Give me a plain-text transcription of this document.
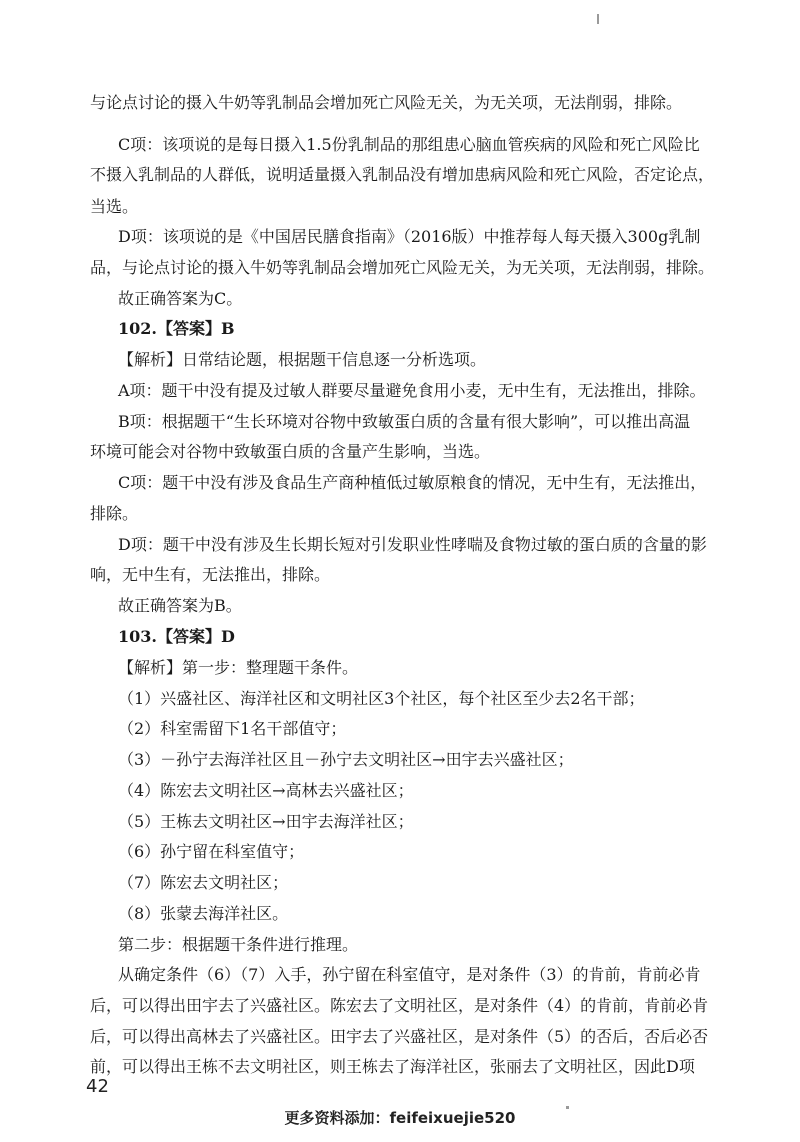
与论点讨论的摄入牛奶等乳制品会增加死亡风险无关，为无关项，无法削弱，排除。
C项：该项说的是每日摄入1.5份乳制品的那组患心脑血管疾病的风险和死亡风险比
不摄入乳制品的人群低，说明适量摄入乳制品没有增加患病风险和死亡风险，否定论点，
当选。
D项：该项说的是《中国居民膳食指南》（2016版）中推荐每人每天摄入300g乳制
品，与论点讨论的摄入牛奶等乳制品会增加死亡风险无关，为无关项，无法削弱，排除。
故正确答案为C。
102.【答案】B
【解析】日常结论题，根据题干信息逐一分析选项。
A项：题干中没有提及过敏人群要尽量避免食用小麦，无中生有，无法推出，排除。
B项：根据题干“生长环境对谷物中致敏蛋白质的含量有很大影响”，可以推出高温
环境可能会对谷物中致敏蛋白质的含量产生影响，当选。
C项：题干中没有涉及食品生产商种植低过敏原粮食的情况，无中生有，无法推出，
排除。
D项：题干中没有涉及生长期长短对引发职业性哮喘及食物过敏的蛋白质的含量的影
响，无中生有，无法推出，排除。
故正确答案为B。
103.【答案】D
【解析】第一步：整理题干条件。
（1）兴盛社区、海洋社区和文明社区3个社区，每个社区至少去2名干部；
（2）科室需留下1名干部值守；
（3）－孙宁去海洋社区且－孙宁去文明社区→田宇去兴盛社区；
（4）陈宏去文明社区→高林去兴盛社区；
（5）王栋去文明社区→田宇去海洋社区；
（6）孙宁留在科室值守；
（7）陈宏去文明社区；
（8）张蒙去海洋社区。
第二步：根据题干条件进行推理。
从确定条件（6）（7）入手，孙宁留在科室值守，是对条件（3）的肯前，肯前必肯
后，可以得出田宇去了兴盛社区。陈宏去了文明社区，是对条件（4）的肯前，肯前必肯
后，可以得出高林去了兴盛社区。田宇去了兴盛社区，是对条件（5）的否后，否后必否
前，可以得出王栋不去文明社区，则王栋去了海洋社区，张丽去了文明社区，因此D项
42
更多资料添加：feifeixuejie520
